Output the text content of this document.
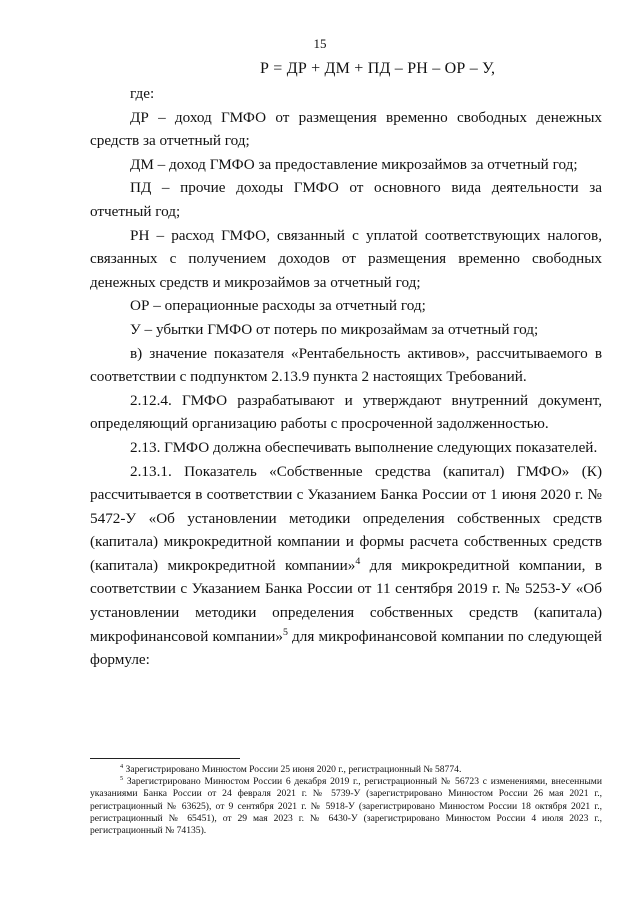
15
Р = ДР + ДМ + ПД – РН – ОР – У,

где:

ДР – доход ГМФО от размещения временно свободных денежных средств за отчетный год;

ДМ – доход ГМФО за предоставление микрозаймов за отчетный год;

ПД – прочие доходы ГМФО от основного вида деятельности за отчетный год;

РН – расход ГМФО, связанный с уплатой соответствующих налогов, связанных с получением доходов от размещения временно свободных денежных средств и микрозаймов за отчетный год;

ОР – операционные расходы за отчетный год;

У – убытки ГМФО от потерь по микрозаймам за отчетный год;

в) значение показателя «Рентабельность активов», рассчитываемого в соответствии с подпунктом 2.13.9 пункта 2 настоящих Требований.

2.12.4. ГМФО разрабатывают и утверждают внутренний документ, определяющий организацию работы с просроченной задолженностью.

2.13. ГМФО должна обеспечивать выполнение следующих показателей.

2.13.1. Показатель «Собственные средства (капитал) ГМФО» (К) рассчитывается в соответствии с Указанием Банка России от 1 июня 2020 г. № 5472-У «Об установлении методики определения собственных средств (капитала) микрокредитной компании и формы расчета собственных средств (капитала) микрокредитной компании»$^4$ для микрокредитной компании, в соответствии с Указанием Банка России от 11 сентября 2019 г. № 5253-У «Об установлении методики определения собственных средств (капитала) микрофинансовой компании»$^5$ для микрофинансовой компании по следующей формуле:

$^4$ Зарегистрировано Минюстом России 25 июня 2020 г., регистрационный № 58774.

$^5$ Зарегистрировано Минюстом России 6 декабря 2019 г., регистрационный № 56723 с изменениями, внесенными указаниями Банка России от 24 февраля 2021 г. № 5739-У (зарегистрировано Минюстом России 26 мая 2021 г., регистрационный № 63625), от 9 сентября 2021 г. № 5918-У (зарегистрировано Минюстом России 18 октября 2021 г., регистрационный № 65451), от 29 мая 2023 г. № 6430-У (зарегистрировано Минюстом России 4 июля 2023 г., регистрационный № 74135).
